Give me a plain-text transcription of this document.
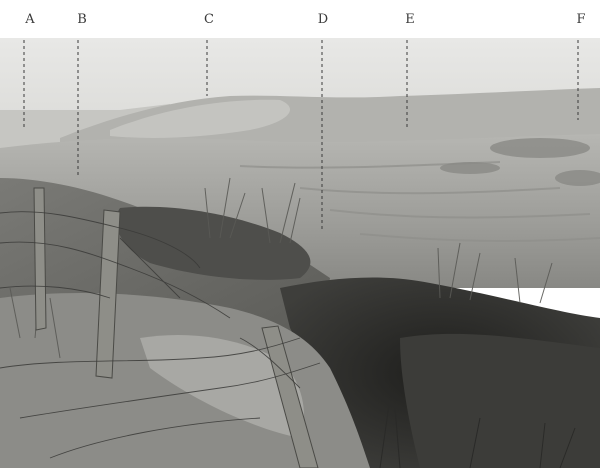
A	B	C	D	E	F
